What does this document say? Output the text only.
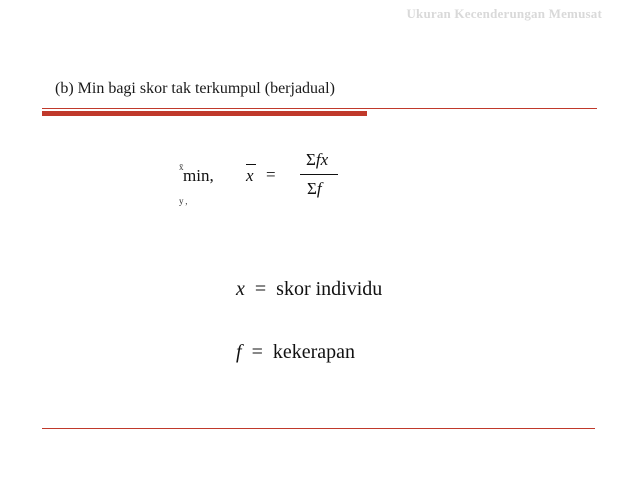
Ukuran Kecenderungan Memusat
(b) Min bagi skor tak terkumpul (berjadual)
x̄
y ,
min, x =
Σfx
Σf
x = skor individu
f = kekerapan
